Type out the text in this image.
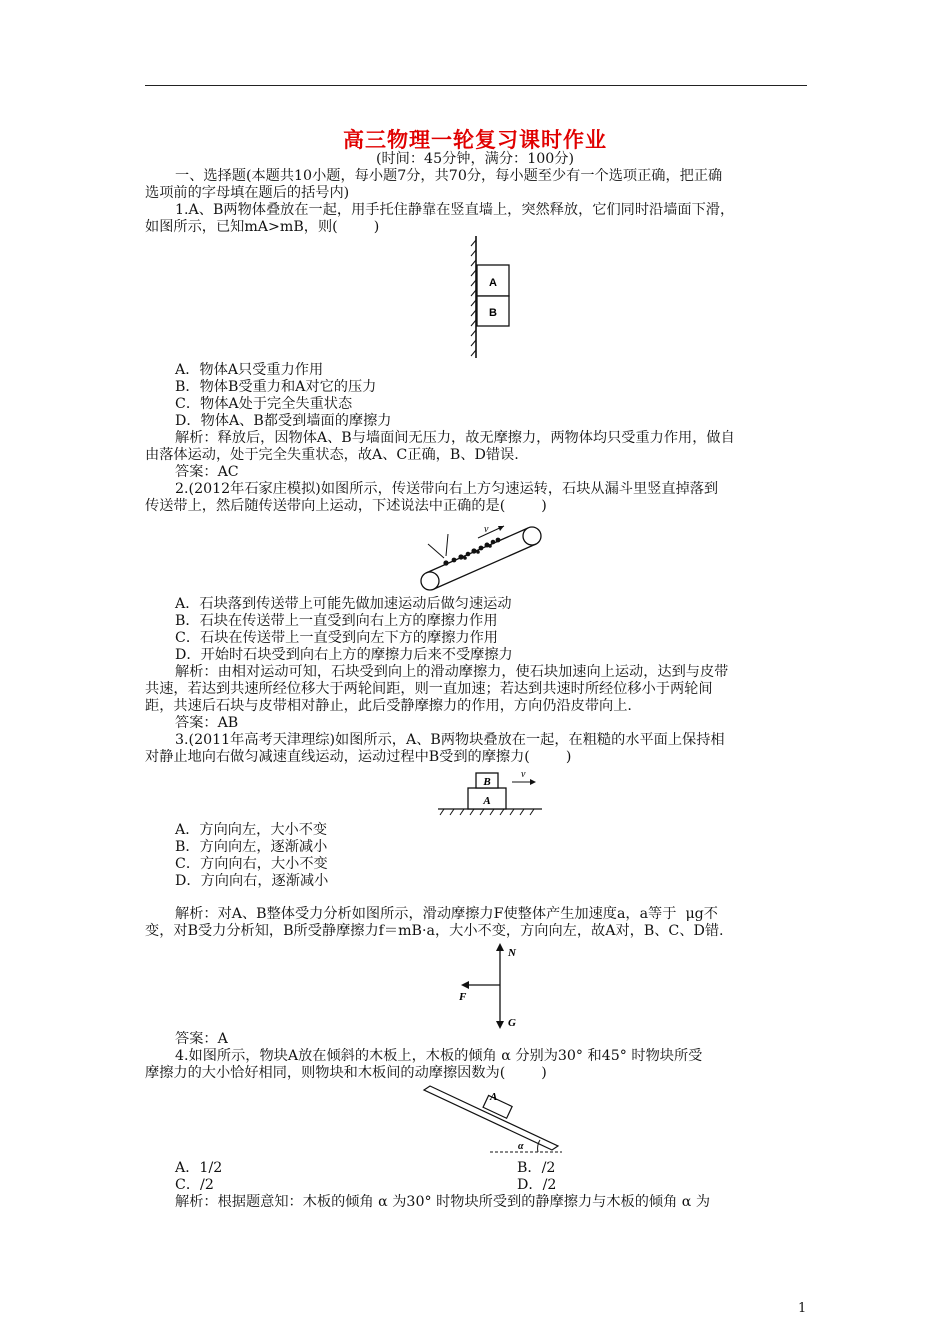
高三物理一轮复习课时作业
(时间：45分钟，满分：100分)
一、选择题(本题共10小题，每小题7分，共70分，每小题至少有一个选项正确，把正确
选项前的字母填在题后的括号内)
1.A、B两物体叠放在一起，用手托住静靠在竖直墙上，突然释放，它们同时沿墙面下滑，
如图所示，已知mA>mB，则(        )
A
B
A．物体A只受重力作用
B．物体B受重力和A对它的压力
C．物体A处于完全失重状态
D．物体A、B都受到墙面的摩擦力
解析：释放后，因物体A、B与墙面间无压力，故无摩擦力，两物体均只受重力作用，做自
由落体运动，处于完全失重状态，故A、C正确，B、D错误.
答案：AC
2.(2012年石家庄模拟)如图所示，传送带向右上方匀速运转，石块从漏斗里竖直掉落到
传送带上，然后随传送带向上运动，下述说法中正确的是(        )
v
A．石块落到传送带上可能先做加速运动后做匀速运动
B．石块在传送带上一直受到向右上方的摩擦力作用
C．石块在传送带上一直受到向左下方的摩擦力作用
D．开始时石块受到向右上方的摩擦力后来不受摩擦力
解析：由相对运动可知，石块受到向上的滑动摩擦力，使石块加速向上运动，达到与皮带
共速，若达到共速所经位移大于两轮间距，则一直加速；若达到共速时所经位移小于两轮间
距，共速后石块与皮带相对静止，此后受静摩擦力的作用，方向仍沿皮带向上.
答案：AB
3.(2011年高考天津理综)如图所示，A、B两物块叠放在一起，在粗糙的水平面上保持相
对静止地向右做匀减速直线运动，运动过程中B受到的摩擦力(        )
B
A
v
A．方向向左，大小不变
B．方向向左，逐渐减小
C．方向向右，大小不变
D．方向向右，逐渐减小
解析：对A、B整体受力分析如图所示，滑动摩擦力F使整体产生加速度a，a等于  μg不
变，对B受力分析知，B所受静摩擦力f＝mB·a，大小不变，方向向左，故A对，B、C、D错.
N
F
G
答案：A
4.如图所示，物块A放在倾斜的木板上，木板的倾角 α 分别为30° 和45° 时物块所受
摩擦力的大小恰好相同，则物块和木板间的动摩擦因数为(        )
A
α
A．1/2	B．/2
C．/2	D．/2
解析：根据题意知：木板的倾角 α 为30° 时物块所受到的静摩擦力与木板的倾角 α 为
1
